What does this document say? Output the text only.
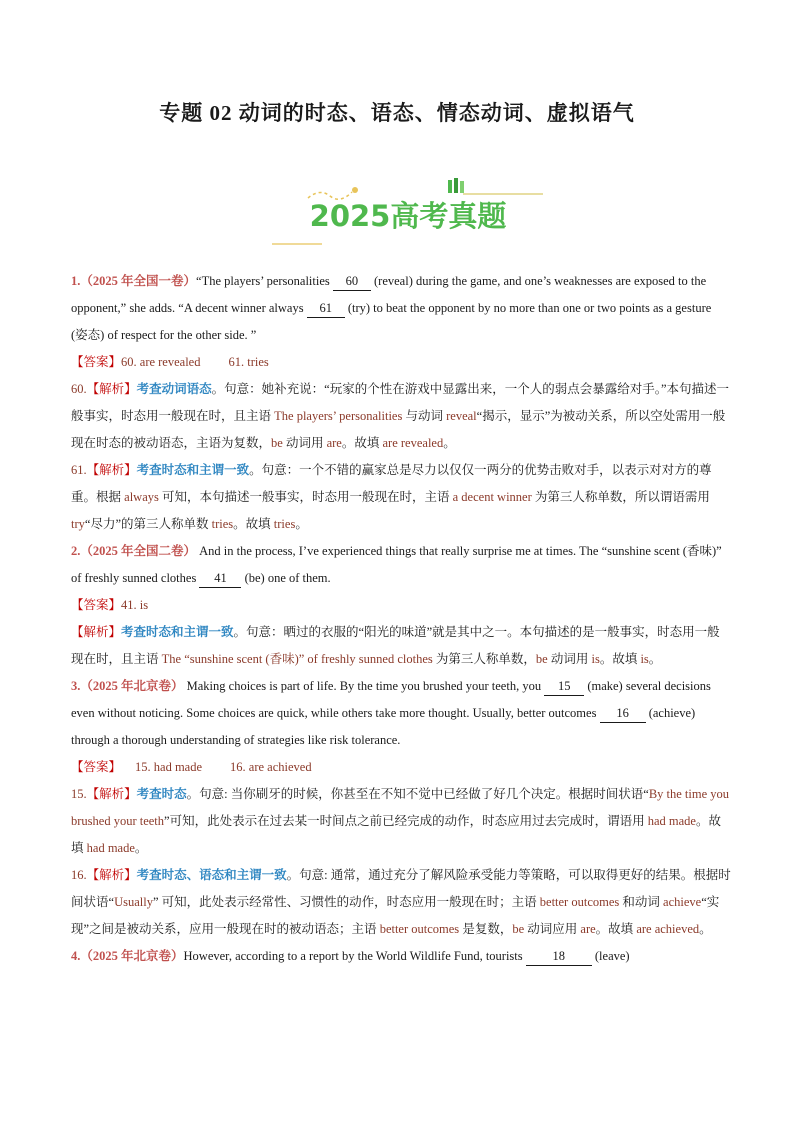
专题 02 动词的时态、语态、情态动词、虚拟语气
2025高考真题

1.（2025 年全国一卷）“The players’ personalities 60 (reveal) during the game, and one’s weaknesses are exposed to the opponent,” she adds. “A decent winner always 61 (try) to beat the opponent by no more than one or two points as a gesture (姿态) of respect for the other side. ”

【答案】60. are revealed 61. tries

60.【解析】考查动词语态。句意：她补充说：“玩家的个性在游戏中显露出来，一个人的弱点会暴露给对手。”本句描述一般事实，时态用一般现在时，且主语 The players’ personalities 与动词 reveal“揭示，显示”为被动关系，所以空处需用一般现在时态的被动语态，主语为复数，be 动词用 are。故填 are revealed。

61.【解析】考查时态和主谓一致。句意：一个不错的赢家总是尽力以仅仅一两分的优势击败对手，以表示对对方的尊重。根据 always 可知，本句描述一般事实，时态用一般现在时，主语 a decent winner 为第三人称单数，所以谓语需用 try“尽力”的第三人称单数 tries。故填 tries。

2.（2025 年全国二卷） And in the process, I’ve experienced things that really surprise me at times. The “sunshine scent (香味)” of freshly sunned clothes 41 (be) one of them.

【答案】41. is

【解析】考查时态和主谓一致。句意：晒过的衣服的“阳光的味道”就是其中之一。本句描述的是一般事实，时态用一般现在时，且主语 The “sunshine scent (香味)” of freshly sunned clothes 为第三人称单数，be 动词用 is。故填 is。

3.（2025 年北京卷） Making choices is part of life. By the time you brushed your teeth, you 15 (make) several decisions even without noticing. Some choices are quick, while others take more thought. Usually, better outcomes 16 (achieve) through a thorough understanding of strategies like risk tolerance.

【答案】 15. had made 16. are achieved

15.【解析】考查时态。句意: 当你刷牙的时候，你甚至在不知不觉中已经做了好几个决定。根据时间状语“By the time you brushed your teeth”可知，此处表示在过去某一时间点之前已经完成的动作，时态应用过去完成时，谓语用 had made。故填 had made。

16.【解析】考查时态、语态和主谓一致。句意: 通常，通过充分了解风险承受能力等策略，可以取得更好的结果。根据时间状语“Usually” 可知，此处表示经常性、习惯性的动作，时态应用一般现在时；主语 better outcomes 和动词 achieve“实现”之间是被动关系，应用一般现在时的被动语态；主语 better outcomes 是复数，be 动词应用 are。故填 are achieved。

4.（2025 年北京卷）However, according to a report by the World Wildlife Fund, tourists 18 (leave)
